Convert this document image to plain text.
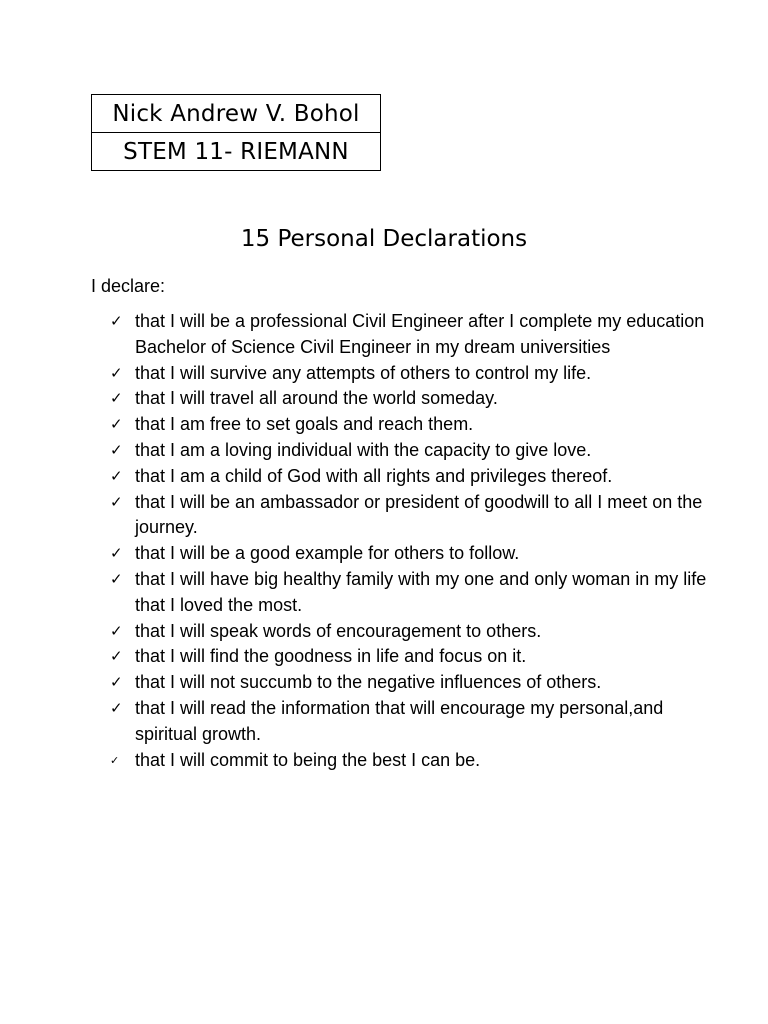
Nick Andrew V. Bohol
STEM 11- RIEMANN
15 Personal Declarations
I declare:
✓ that I will be a professional Civil Engineer after I complete my education Bachelor of Science Civil Engineer in my dream universities
✓ that I will survive any attempts of others to control my life.
✓ that I will travel all around the world someday.
✓ that I am free to set goals and reach them.
✓ that I am a loving individual with the capacity to give love.
✓ that I am a child of God with all rights and privileges thereof.
✓ that I will be an ambassador or president of goodwill to all I meet on the journey.
✓ that I will be a good example for others to follow.
✓ that I will have big healthy family with my one and only woman in my life that I loved the most.
✓ that I will speak words of encouragement to others.
✓ that I will find the goodness in life and focus on it.
✓ that I will not succumb to the negative influences of others.
✓ that I will read the information that will encourage my personal,and spiritual growth.
✓ that I will commit to being the best I can be.
